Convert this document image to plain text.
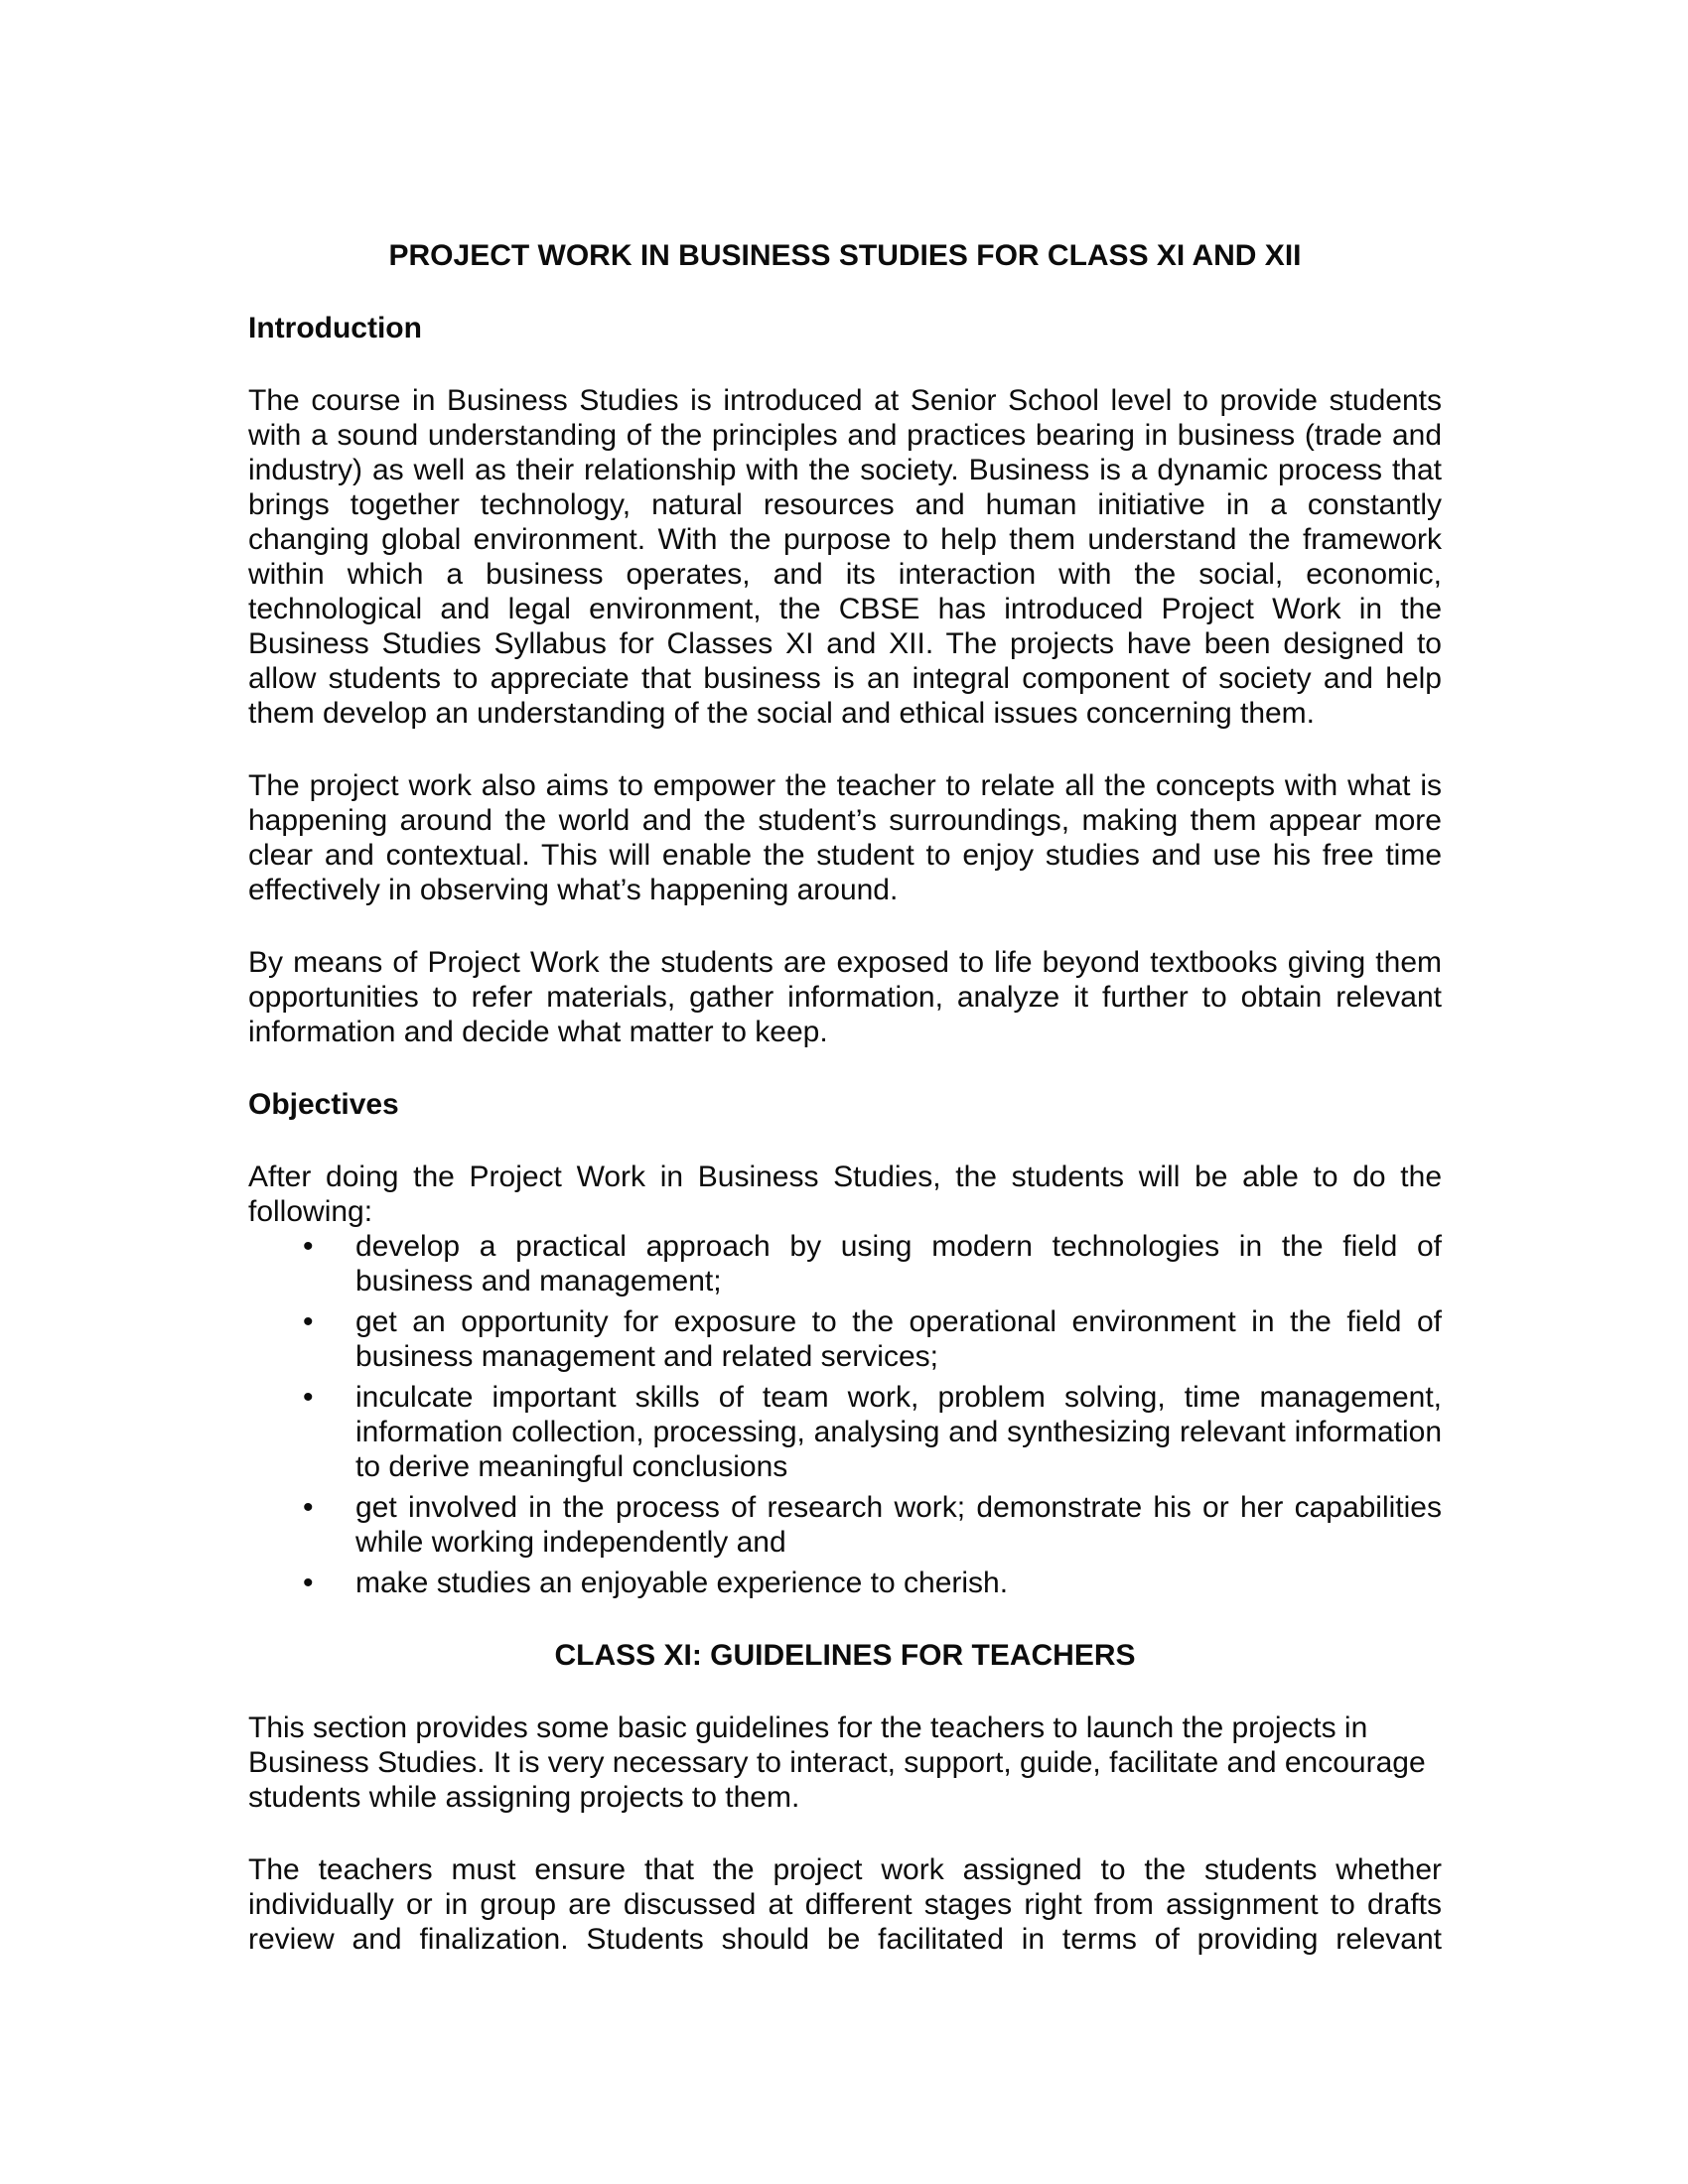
PROJECT WORK IN BUSINESS STUDIES FOR CLASS XI AND XII
Introduction

The course in Business Studies is introduced at Senior School level to provide students with a sound understanding of the principles and practices bearing in business (trade and industry) as well as their relationship with the society. Business is a dynamic process that brings together technology, natural resources and human initiative in a constantly changing global environment. With the purpose to help them understand the framework within which a business operates, and its interaction with the social, economic, technological and legal environment, the CBSE has introduced Project Work in the Business Studies Syllabus for Classes XI and XII. The projects have been designed to allow students to appreciate that business is an integral component of society and help them develop an understanding of the social and ethical issues concerning them.

The project work also aims to empower the teacher to relate all the concepts with what is happening around the world and the student’s surroundings, making them appear more clear and contextual. This will enable the student to enjoy studies and use his free time effectively in observing what’s happening around.

By means of Project Work the students are exposed to life beyond textbooks giving them opportunities to refer materials, gather information, analyze it further to obtain relevant information and decide what matter to keep.

Objectives

After doing the Project Work in Business Studies, the students will be able to do the following:

• develop a practical approach by using modern technologies in the field of business and management;
• get an opportunity for exposure to the operational environment in the field of business management and related services;
• inculcate important skills of team work, problem solving, time management, information collection, processing, analysing and synthesizing relevant information to derive meaningful conclusions
• get involved in the process of research work; demonstrate his or her capabilities while working independently and
• make studies an enjoyable experience to cherish.
CLASS XI: GUIDELINES FOR TEACHERS

This section provides some basic guidelines for the teachers to launch the projects in Business Studies. It is very necessary to interact, support, guide, facilitate and encourage students while assigning projects to them.

The teachers must ensure that the project work assigned to the students whether individually or in group are discussed at different stages right from assignment to drafts review and finalization. Students should be facilitated in terms of providing relevant
